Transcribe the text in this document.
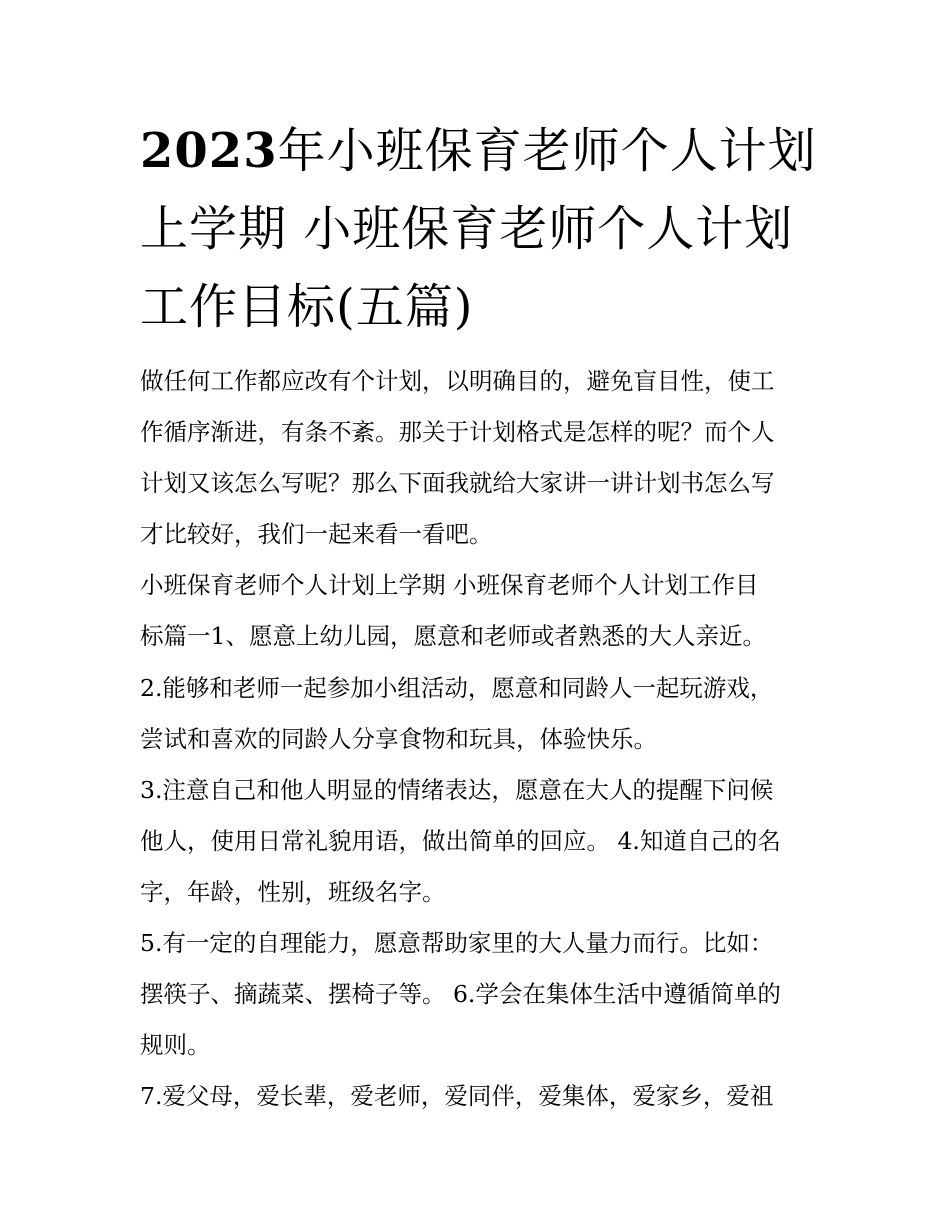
2023年小班保育老师个人计划
上学期 小班保育老师个人计划
工作目标(五篇)
做任何工作都应改有个计划，以明确目的，避免盲目性，使工
作循序渐进，有条不紊。那关于计划格式是怎样的呢？而个人
计划又该怎么写呢？那么下面我就给大家讲一讲计划书怎么写
才比较好，我们一起来看一看吧。
小班保育老师个人计划上学期 小班保育老师个人计划工作目
标篇一1、愿意上幼儿园，愿意和老师或者熟悉的大人亲近。
2.能够和老师一起参加小组活动，愿意和同龄人一起玩游戏，
尝试和喜欢的同龄人分享食物和玩具，体验快乐。
3.注意自己和他人明显的情绪表达，愿意在大人的提醒下问候
他人，使用日常礼貌用语，做出简单的回应。 4.知道自己的名
字，年龄，性别，班级名字。
5.有一定的自理能力，愿意帮助家里的大人量力而行。比如：
摆筷子、摘蔬菜、摆椅子等。 6.学会在集体生活中遵循简单的
规则。
7.爱父母，爱长辈，爱老师，爱同伴，爱集体，爱家乡，爱祖
